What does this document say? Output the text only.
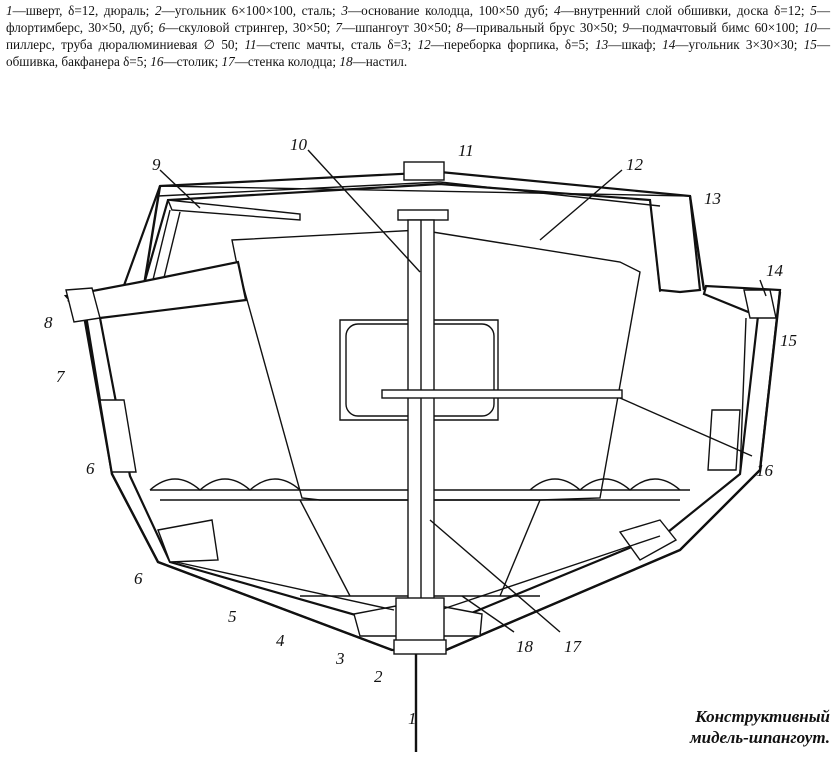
1—шверт, δ=12, дюраль; 2—угольник 6×100×100, сталь; 3—основание колодца, 100×50 дуб; 4—внутренний слой обшивки, доска δ=12; 5—флортимберс, 30×50, дуб; 6—скуловой стрингер, 30×50; 7—шпангоут 30×50; 8—привальный брус 30×50; 9—подмачтовый бимс 60×100; 10—пиллерс, труба дюралюминиевая ∅ 50; 11—степс мачты, сталь δ=3; 12—переборка форпика, δ=5; 13—шкаф; 14—угольник 3×30×30; 15—обшивка, бакфанера δ=5; 16—столик; 17—стенка колодца; 18—настил.
1
2
3
4
5
6
6
7
8
9
10	11
12
13
14
15
16
17
18
Конструктивный
мидель-шпангоут.
